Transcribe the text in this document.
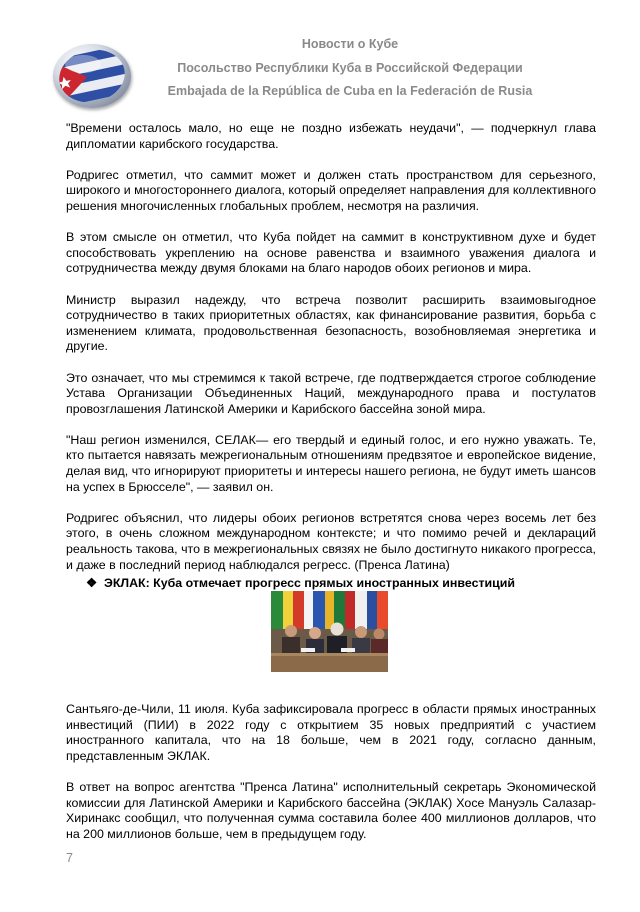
Новости о Кубе
Посольство Республики Куба в Российской Федерации
Embajada de la República de Cuba en la Federación de Rusia

"Времени осталось мало, но еще не поздно избежать неудачи", — подчеркнул глава дипломатии карибского государства.

Родригес отметил, что саммит может и должен стать пространством для серьезного, широкого и многостороннего диалога, который определяет направления для коллективного решения многочисленных глобальных проблем, несмотря на различия.

В этом смысле он отметил, что Куба пойдет на саммит в конструктивном духе и будет способствовать укреплению на основе равенства и взаимного уважения диалога и сотрудничества между двумя блоками на благо народов обоих регионов и мира.

Министр выразил надежду, что встреча позволит расширить взаимовыгодное сотрудничество в таких приоритетных областях, как финансирование развития, борьба с изменением климата, продовольственная безопасность, возобновляемая энергетика и другие.

Это означает, что мы стремимся к такой встрече, где подтверждается строгое соблюдение Устава Организации Объединенных Наций, международного права и постулатов провозглашения Латинской Америки и Карибского бассейна зоной мира.

"Наш регион изменился, СЕЛАК— его твердый и единый голос, и его нужно уважать. Те, кто пытается навязать межрегиональным отношениям предвзятое и европейское видение, делая вид, что игнорируют приоритеты и интересы нашего региона, не будут иметь шансов на успех в Брюсселе", — заявил он.

Родригес объяснил, что лидеры обоих регионов встретятся снова через восемь лет без этого, в очень сложном международном контексте; и что помимо речей и деклараций реальность такова, что в межрегиональных связях не было достигнуто никакого прогресса, и даже в последний период наблюдался регресс. (Пренса Латина)

❖ ЭКЛАК: Куба отмечает прогресс прямых иностранных инвестиций

Сантьяго-де-Чили, 11 июля. Куба зафиксировала прогресс в области прямых иностранных инвестиций (ПИИ) в 2022 году с открытием 35 новых предприятий с участием иностранного капитала, что на 18 больше, чем в 2021 году, согласно данным, представленным ЭКЛАК.

В ответ на вопрос агентства "Пренса Латина" исполнительный секретарь Экономической комиссии для Латинской Америки и Карибского бассейна (ЭКЛАК) Хосе Мануэль Салазар-Хиринакс сообщил, что полученная сумма составила более 400 миллионов долларов, что на 200 миллионов больше, чем в предыдущем году.

7
